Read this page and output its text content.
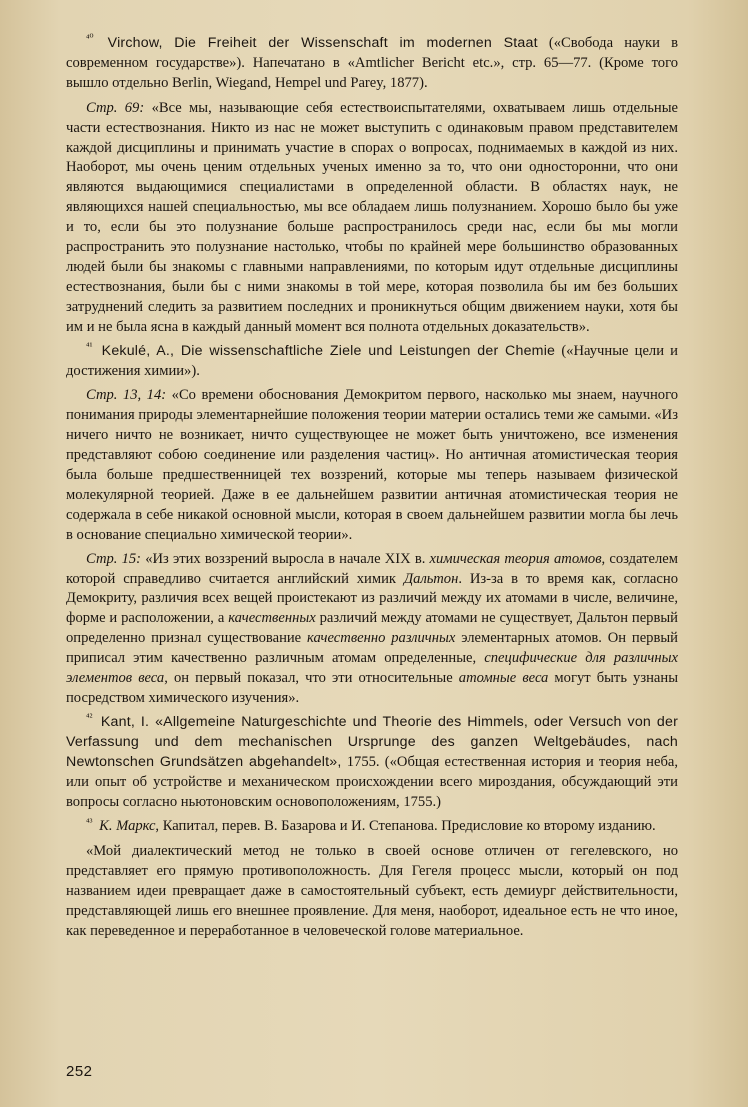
$^{^{40}}$ Virchow, Die Freiheit der Wissenschaft im modernen Staat («Свобода науки в современном государстве»). Напечатано в «Amtlicher Bericht etc.», стр. 65—77. (Кроме того вышло отдельно Berlin, Wiegand, Hempel und Parey, 1877).

Стр. 69: «Все мы, называющие себя естествоиспытателями, охватываем лишь отдельные части естествознания. Никто из нас не может выступить с одинаковым правом представителем каждой дисциплины и принимать участие в спорах о вопросах, поднимаемых в каждой из них. Наоборот, мы очень ценим отдельных ученых именно за то, что они односторонни, что они являются выдающимися специалистами в определенной области. В областях наук, не являющихся нашей специальностью, мы все обладаем лишь полузнанием. Хорошо было бы уже и то, если бы это полузнание больше распространилось среди нас, если бы мы могли распространить это полузнание настолько, чтобы по крайней мере большинство образованных людей были бы знакомы с главными направлениями, по которым идут отдельные дисциплины естествознания, были бы с ними знакомы в той мере, которая позволила бы им без больших затруднений следить за развитием последних и проникнуться общим движением науки, хотя бы им и не была ясна в каждый данный момент вся полнота отдельных доказательств».

$^{^{41}}$ Kekulé, A., Die wissenschaftliche Ziele und Leistungen der Chemie («Научные цели и достижения химии»).

Стр. 13, 14: «Со времени обоснования Демокритом первого, насколько мы знаем, научного понимания природы элементарнейшие положения теории материи остались теми же самыми. «Из ничего ничто не возникает, ничто существующее не может быть уничтожено, все изменения представляют собою соединение или разделения частиц». Но античная атомистическая теория была больше предшественницей тех воззрений, которые мы теперь называем физической молекулярной теорией. Даже в ее дальнейшем развитии античная атомистическая теория не содержала в себе никакой основной мысли, которая в своем дальнейшем развитии могла бы лечь в основание специально химической теории».

Стр. 15: «Из этих воззрений выросла в начале XIX в. химическая теория атомов, создателем которой справедливо считается английский химик Дальтон. Из-за в то время как, согласно Демокриту, различия всех вещей проистекают из различий между их атомами в числе, величине, форме и расположении, а качественных различий между атомами не существует, Дальтон первый определенно признал существование качественно различных элементарных атомов. Он первый приписал этим качественно различным атомам определенные, специфические для различных элементов веса, он первый показал, что эти относительные атомные веса могут быть узнаны посредством химического изучения».

$^{^{42}}$ Kant, I. «Allgemeine Naturgeschichte und Theorie des Himmels, oder Versuch von der Verfassung und dem mechanischen Ursprunge des ganzen Weltgebäudes, nach Newtonschen Grundsätzen abgehandelt», 1755. («Общая естественная история и теория неба, или опыт об устройстве и механическом происхождении всего мироздания, обсуждающий эти вопросы согласно ньютоновским основоположениям, 1755.)

$^{^{43}}$ К. Маркс, Капитал, перев. В. Базарова и И. Степанова. Предисловие ко второму изданию.

«Мой диалектический метод не только в своей основе отличен от гегелевского, но представляет его прямую противоположность. Для Гегеля процесс мысли, который он под названием идеи превращает даже в самостоятельный субъект, есть демиург действительности, представляющей лишь его внешнее проявление. Для меня, наоборот, идеальное есть не что иное, как переведенное и переработанное в человеческой голове материальное.

252
